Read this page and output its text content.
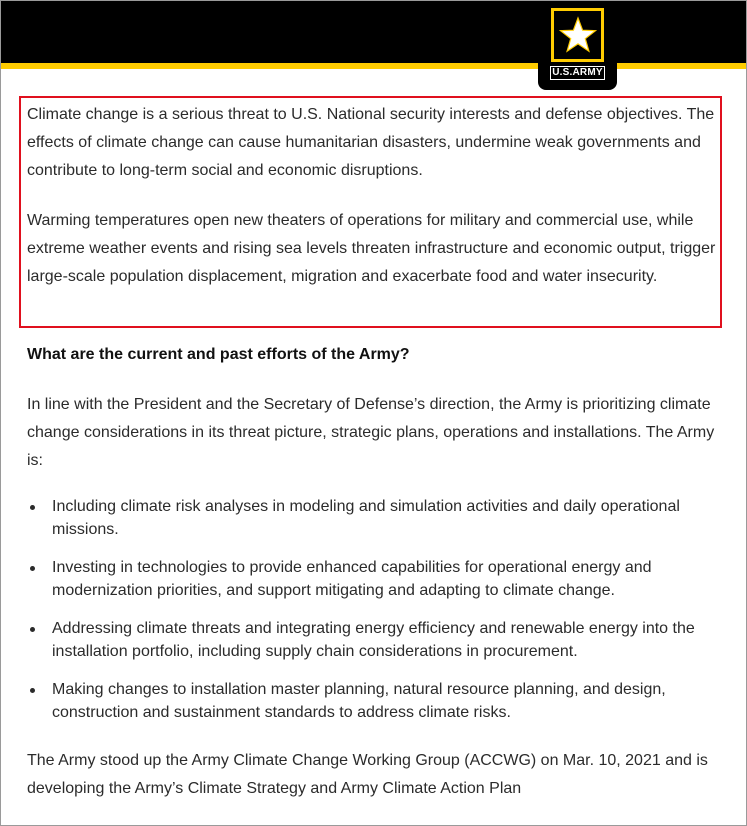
U.S.ARMY

Climate change is a serious threat to U.S. National security interests and defense objectives. The effects of climate change can cause humanitarian disasters, undermine weak governments and contribute to long-term social and economic disruptions.

Warming temperatures open new theaters of operations for military and commercial use, while extreme weather events and rising sea levels threaten infrastructure and economic output, trigger large-scale population displacement, migration and exacerbate food and water insecurity.

What are the current and past efforts of the Army?

In line with the President and the Secretary of Defense’s direction, the Army is prioritizing climate change considerations in its threat picture, strategic plans, operations and installations. The Army is:

Including climate risk analyses in modeling and simulation activities and daily operational missions.
Investing in technologies to provide enhanced capabilities for operational energy and modernization priorities, and support mitigating and adapting to climate change.
Addressing climate threats and integrating energy efficiency and renewable energy into the installation portfolio, including supply chain considerations in procurement.
Making changes to installation master planning, natural resource planning, and design, construction and sustainment standards to address climate risks.

The Army stood up the Army Climate Change Working Group (ACCWG) on Mar. 10, 2021 and is developing the Army’s Climate Strategy and Army Climate Action Plan
